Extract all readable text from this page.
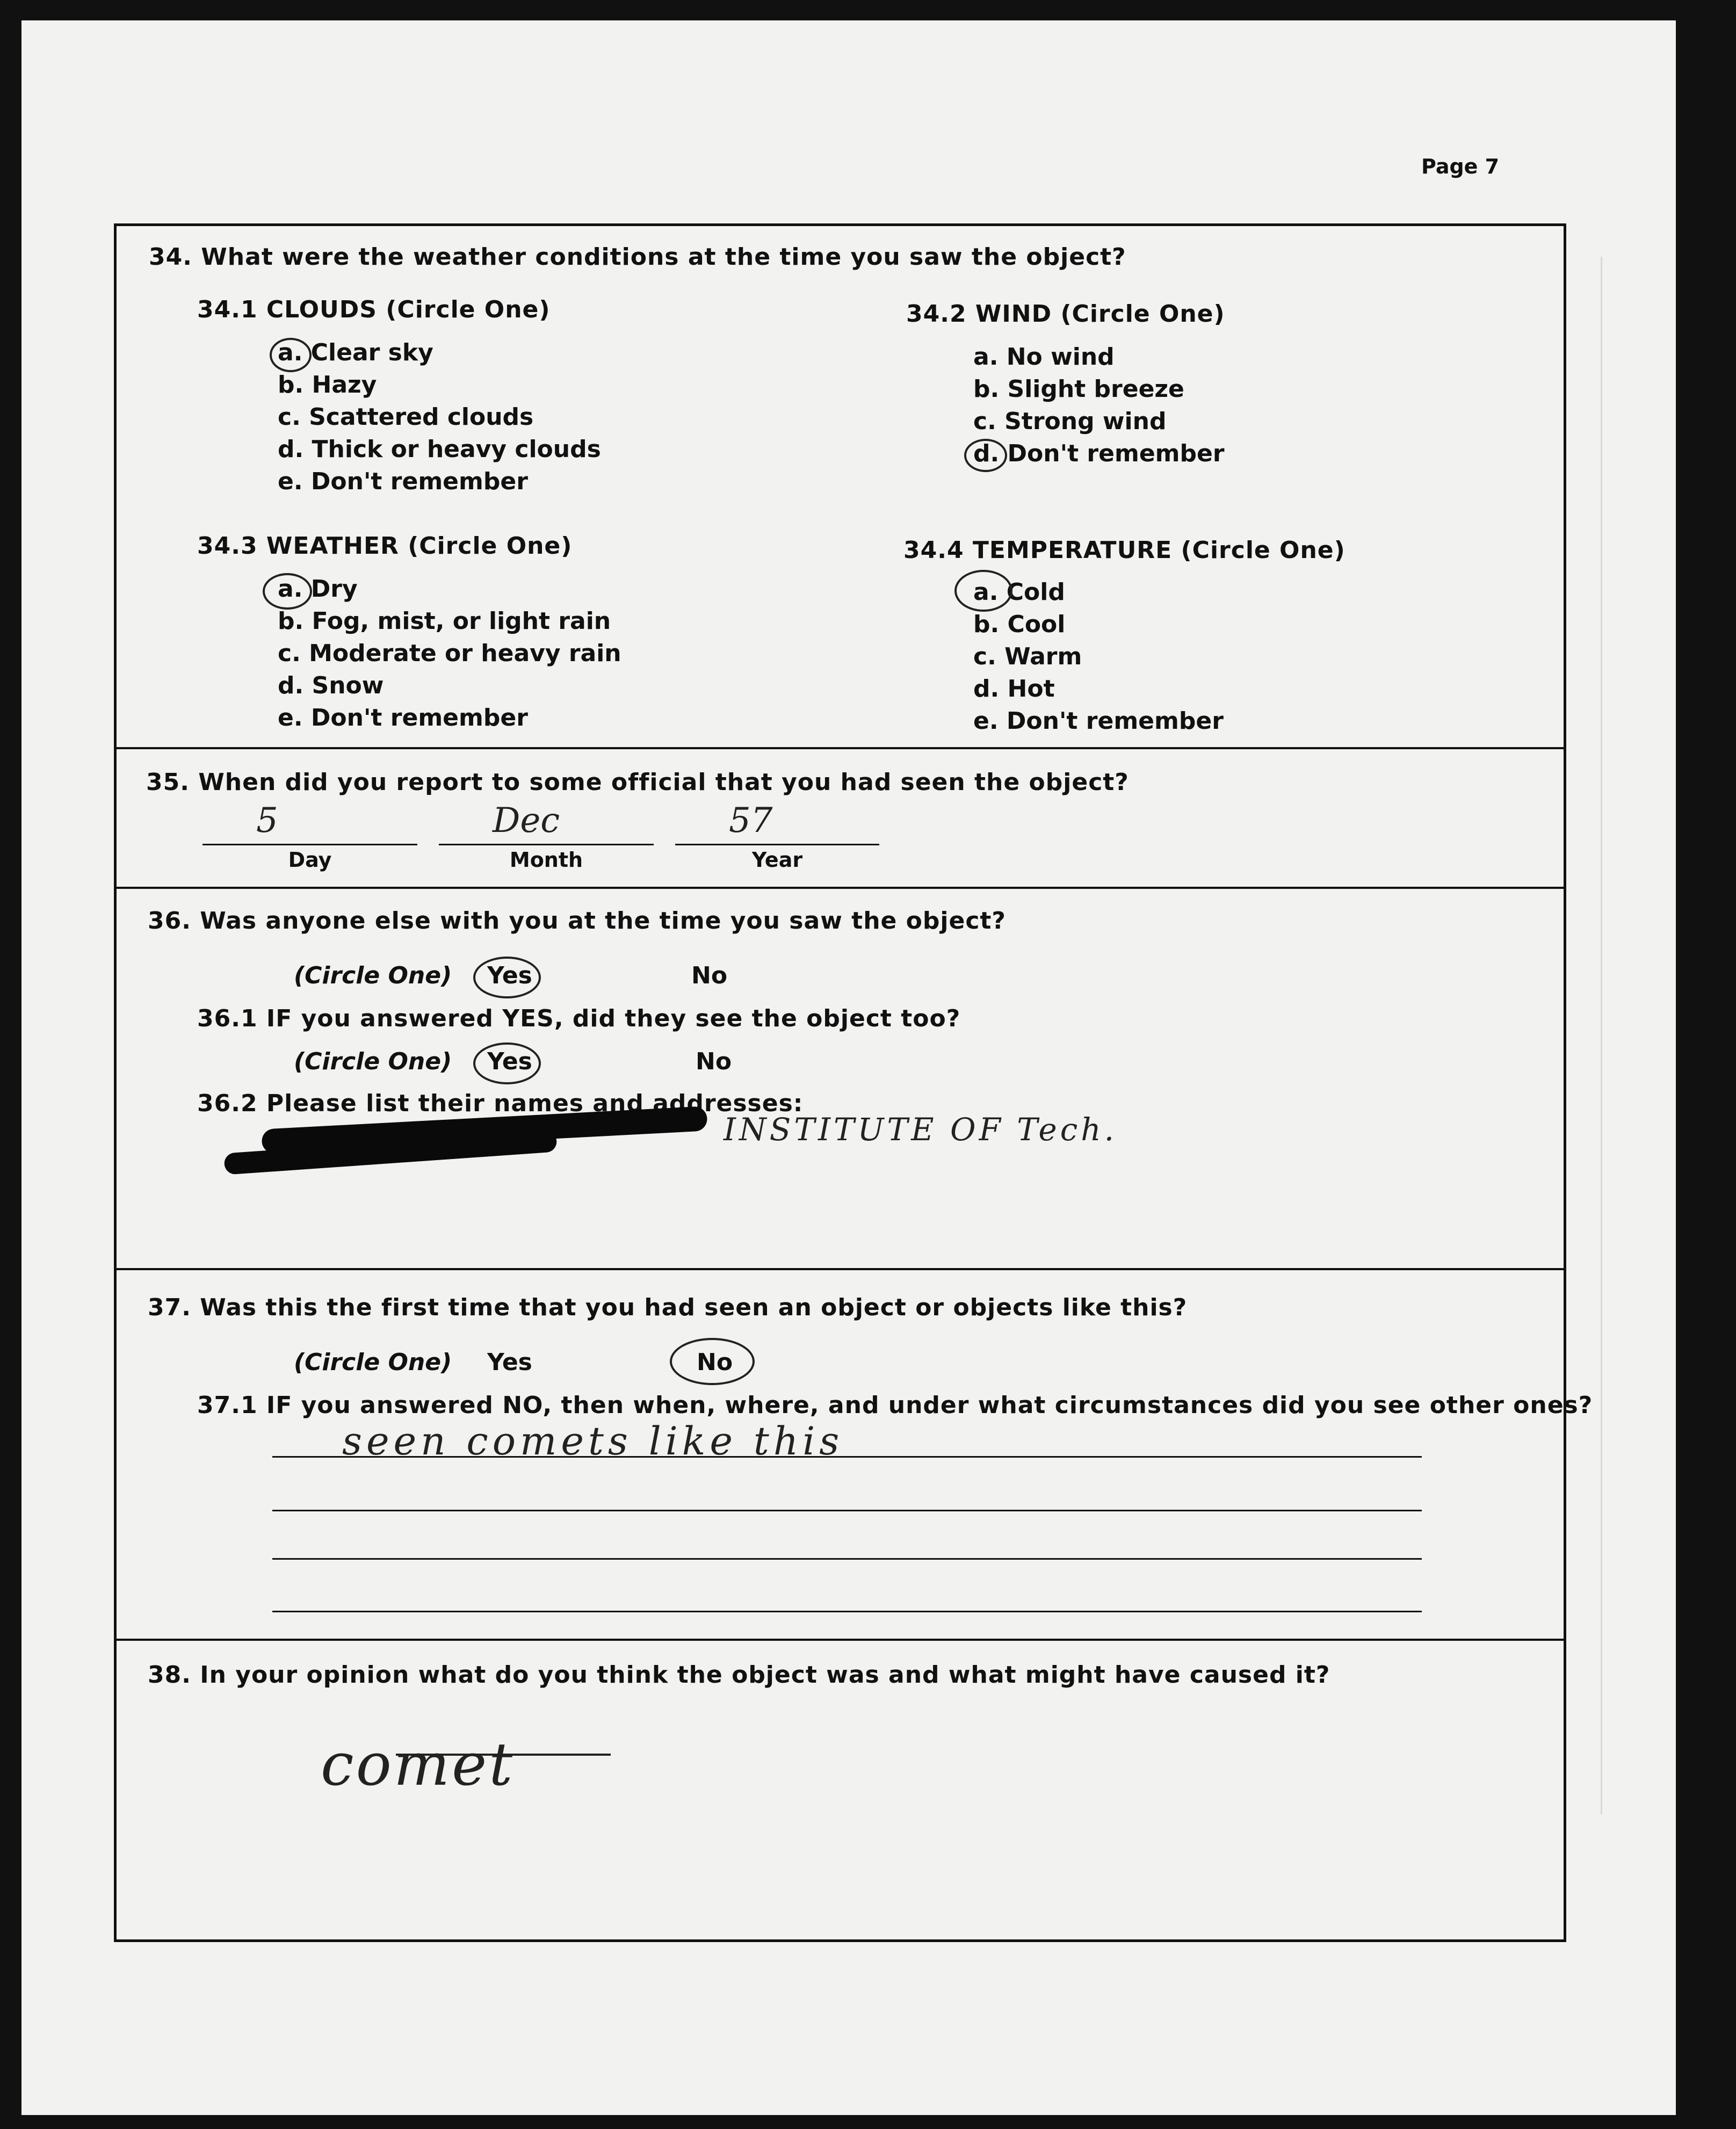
Page 7
34. What were the weather conditions at the time you saw the object?
34.1 CLOUDS (Circle One)
a. Clear sky
b. Hazy
c. Scattered clouds
d. Thick or heavy clouds
e. Don't remember
34.2 WIND (Circle One)
a. No wind
b. Slight breeze
c. Strong wind
d. Don't remember
34.3 WEATHER (Circle One)
a. Dry
b. Fog, mist, or light rain
c. Moderate or heavy rain
d. Snow
e. Don't remember
34.4 TEMPERATURE (Circle One)
a. Cold
b. Cool
c. Warm
d. Hot
e. Don't remember
35. When did you report to some official that you had seen the object?
5
Day
Dec
Month
57
Year
36. Was anyone else with you at the time you saw the object?
(Circle One) Yes	No
36.1 IF you answered YES, did they see the object too?
(Circle One) Yes	No
36.2 Please list their names and addresses:
INSTITUTE OF Tech.
37. Was this the first time that you had seen an object or objects like this?
(Circle One) Yes	No
37.1 IF you answered NO, then when, where, and under what circumstances did you see other ones?
seen comets like this
38. In your opinion what do you think the object was and what might have caused it?
comet
